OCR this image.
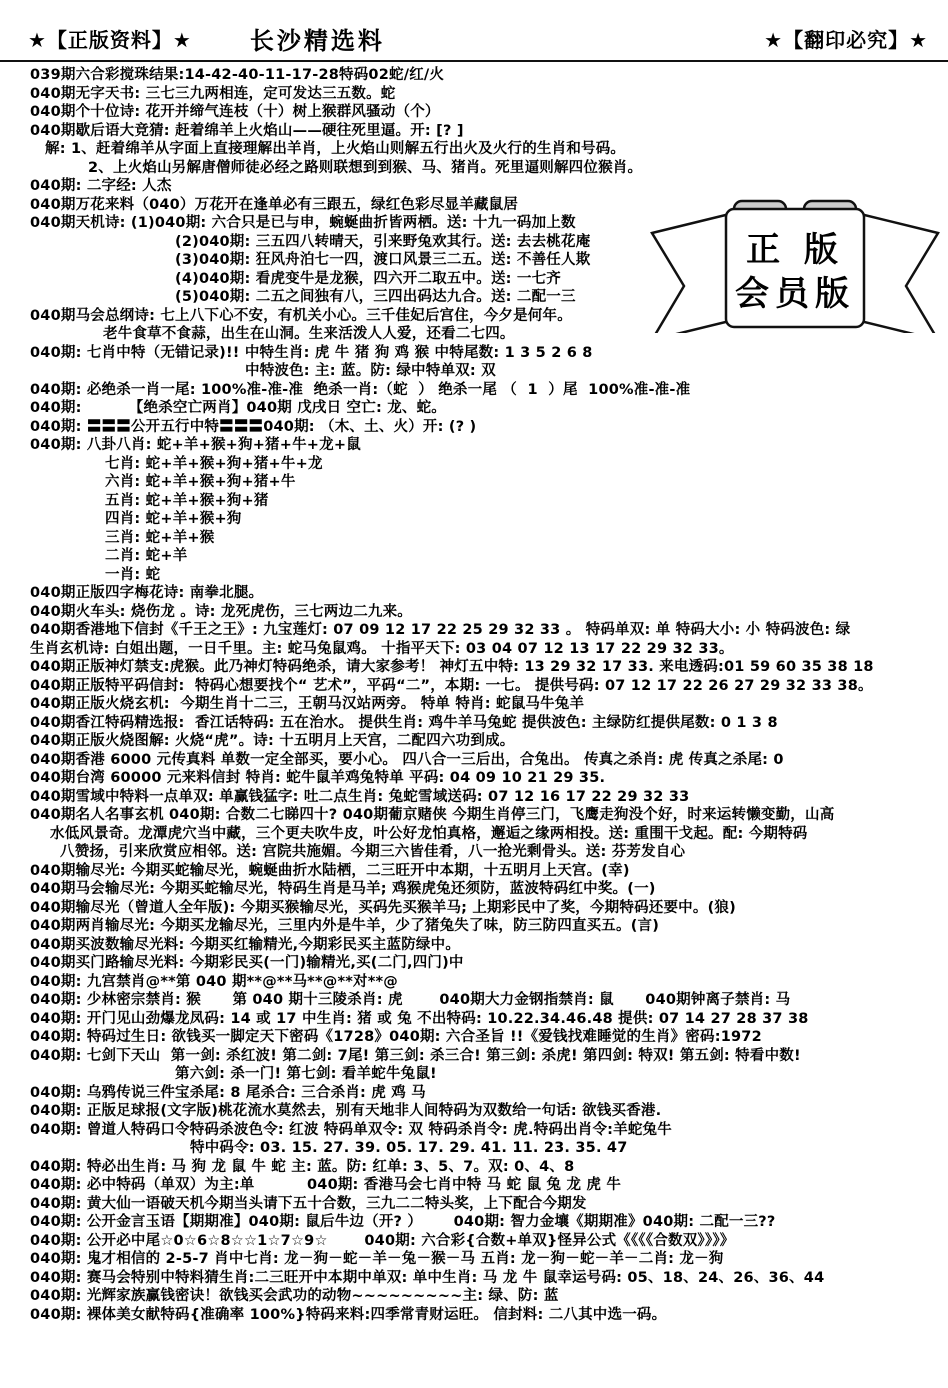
★【正版资料】★ 长沙精选料	★【翻印必究】★
039期六合彩搅珠结果:14-42-40-11-17-28特码02蛇/红/火
040期无字天书: 三七三九两相连，定可发达三五数。蛇
040期个十位诗: 花开并缔气连枝（十）树上猴群风骚动（个）
040期歇后语大竞猜: 赶着绵羊上火焰山——硬往死里逼。开: [? ]
解: 1、赶着绵羊从字面上直接理解出羊肖，上火焰山则解五行出火及火行的生肖和号码。
2、上火焰山另解唐僧师徒必经之路则联想到到猴、马、猪肖。死里逼则解四位猴肖。
040期: 二字经: 人杰
040期万花来料（040）万花开在逢单必有三跟五，绿红色彩尽显羊藏鼠居
040期天机诗: (1)040期: 六合只是已与申，蜿蜒曲折皆两栖。送: 十九一码加上数
(2)040期: 三五四八转晴天，引来野兔欢其行。送: 去去桃花庵
(3)040期: 狂风舟泊七一四，渡口风景三二五。送: 不善任人欺
(4)040期: 看虎变牛是龙猴，四六开二取五中。送: 一七齐
(5)040期: 二五之间独有八，三四出码达九合。送: 二配一三
040期马会总纲诗: 七上八下心不安，有机关小心。三千佳妃后宫住，今夕是何年。
老牛食草不食蒜，出生在山洞。生来活泼人人爱，还看二七四。
040期: 七肖中特（无错记录)!! 中特生肖: 虎 牛 猪 狗 鸡 猴 中特尾数: 1 3 5 2 6 8
中特波色: 主: 蓝。防: 绿中特单双: 双
040期: 必绝杀一肖一尾: 100%准-准-准  绝杀一肖:（蛇  ） 绝杀一尾 （  1  ）尾  100%准-准-准
040期:         【绝杀空亡两肖】040期 戊戌日 空亡: 龙、蛇。
040期: 〓〓〓公开五行中特〓〓〓040期: （木、土、火）开: (? )
040期: 八卦八肖: 蛇+羊+猴+狗+猪+牛+龙+鼠
七肖: 蛇+羊+猴+狗+猪+牛+龙
六肖: 蛇+羊+猴+狗+猪+牛
五肖: 蛇+羊+猴+狗+猪
四肖: 蛇+羊+猴+狗
三肖: 蛇+羊+猴
二肖: 蛇+羊
一肖: 蛇
040期正版四字梅花诗: 南拳北腿。
040期火车头: 烧伤龙 。诗: 龙死虎伤，三七两边二九来。
040期香港地下信封《千王之王》: 九宝莲灯: 07 09 12 17 22 25 29 32 33 。 特码单双: 单 特码大小: 小 特码波色: 绿
生肖玄机诗: 白姐出题，一日千里。主: 蛇马兔鼠鸡。 十指平天下: 03 04 07 12 13 17 22 29 32 33。
040期正版神灯禁支:虎猴。此乃神灯特码绝杀，请大家参考！ 神灯五中特: 13 29 32 17 33. 来电透码:01 59 60 35 38 18
040期正版特平码信封:  特码心想要找个“ 艺术”，平码“二”，本期: 一七。 提供号码: 07 12 17 22 26 27 29 32 33 38。
040期正版火烧玄机:  今期生肖十二三，王朝马汉站两旁。 特单 特肖: 蛇鼠马牛兔羊
040期香江特码精选报:  香江话特码: 五在治水。 提供生肖: 鸡牛羊马兔蛇 提供波色: 主绿防红提供尾数: 0 1 3 8
040期正版火烧图解: 火烧“虎”。诗: 十五明月上天宫，二配四六功到成。
040期香港 6000 元传真料 单数一定全部买，要小心。 四八合一三后出，合兔出。 传真之杀肖: 虎 传真之杀尾: 0
040期台湾 60000 元来料信封 特肖: 蛇牛鼠羊鸡兔特单 平码: 04 09 10 21 29 35.
040期雪域中特料一点单双: 单赢钱猛字: 吐二点生肖: 兔蛇雪域送码: 07 12 16 17 22 29 32 33
040期名人名事玄机 040期: 合数二七睇四十? 040期葡京赌侠 今期生肖停三门，飞鹰走狗没个好，时来运转懒变勤，山高
水低风景奇。龙潭虎穴当中藏，三个更夫吹牛皮，叶公好龙怕真格，邂逅之缘两相投。送: 重围干戈起。配: 今期特码
八赞扬，引来欣赏应相邻。送: 宫院共施媚。今期三六皆佳肴，八一抢光剩骨头。送: 芬芳发自心
040期输尽光: 今期买蛇输尽光，蜿蜒曲折水陆栖，二三旺开中本期，十五明月上天宫。(幸)
040期马会输尽光: 今期买蛇输尽光，特码生肖是马羊; 鸡猴虎兔还须防，蓝波特码红中奖。(一)
040期输尽光（曾道人全年版): 今期买猴输尽光，买码先买猴羊马; 上期彩民中了奖，今期特码还要中。(狼)
040期两肖输尽光: 今期买龙输尽光，三里内外是牛羊，少了猪兔失了味，防三防四直买五。(言)
040期买波数输尽光料: 今期买红输精光,今期彩民买主蓝防绿中。
040期买门路输尽光料: 今期彩民买(一门)输精光,买(二门,四门)中
040期: 九宫禁肖@**第 040 期**@**马**@**对**@
040期: 少林密宗禁肖: 猴      第 040 期十三陵杀肖: 虎       040期大力金钢指禁肖: 鼠      040期钟离子禁肖: 马
040期: 开门见山劲爆龙凤码: 14 或 17 中生肖: 猪 或 兔 不出特码: 10.22.34.46.48 提供: 07 14 27 28 37 38
040期: 特码过生日: 欲钱买一脚定天下密码《1728》040期: 六合圣旨 !!《爱钱找难睡觉的生肖》密码:1972
040期: 七剑下天山  第一剑: 杀红波! 第二剑: 7尾! 第三剑: 杀三合! 第三剑: 杀虎! 第四剑: 特双! 第五剑: 特看中数!
第六剑: 杀一门! 第七剑: 看羊蛇牛兔鼠!
040期: 乌鸦传说三件宝杀尾: 8 尾杀合: 三合杀肖: 虎 鸡 马
040期: 正版足球报(文字版)桃花流水莫然去，别有天地非人间特码为双数给一句话: 欲钱买香港.
040期: 曾道人特码口令特码杀波色令: 红波 特码单双令: 双 特码杀肖令: 虎.特码出肖令:羊蛇兔牛
特中码令: 03. 15. 27. 39. 05. 17. 29. 41. 11. 23. 35. 47
040期: 特必出生肖: 马 狗 龙 鼠 牛 蛇 主: 蓝。防: 红单: 3、5、7。双: 0、4、8
040期: 必中特码（单双）为主:单          040期: 香港马会七肖中特 马 蛇 鼠 兔 龙 虎 牛
040期: 黄大仙一语破天机今期当头请下五十合数，三九二二特头奖，上下配合今期发
040期: 公开金言玉语【期期准】040期: 鼠后牛边（开? ）      040期: 智力金壤《期期准》040期: 二配一三??
040期: 公开必中尾☆0☆6☆8☆☆1☆7☆9☆       040期: 六合彩{合数+单双}怪异公式《《《《合数双》》》》
040期: 鬼才相信的 2-5-7 肖中七肖: 龙－狗－蛇－羊－兔－猴－马 五肖: 龙－狗－蛇－羊－二肖: 龙－狗
040期: 赛马会特别中特料猜生肖:二三旺开中本期中单双: 单中生肖: 马 龙 牛 鼠幸运号码: 05、18、24、26、36、44
040期: 光辉家族赢钱密诀！欲钱买会武功的动物~~~~~~~~~主: 绿、防: 蓝
040期: 裸体美女献特码{准确率 100%}特码来料:四季常青财运旺。 信封料: 二八其中选一码。
正 版
会员版
